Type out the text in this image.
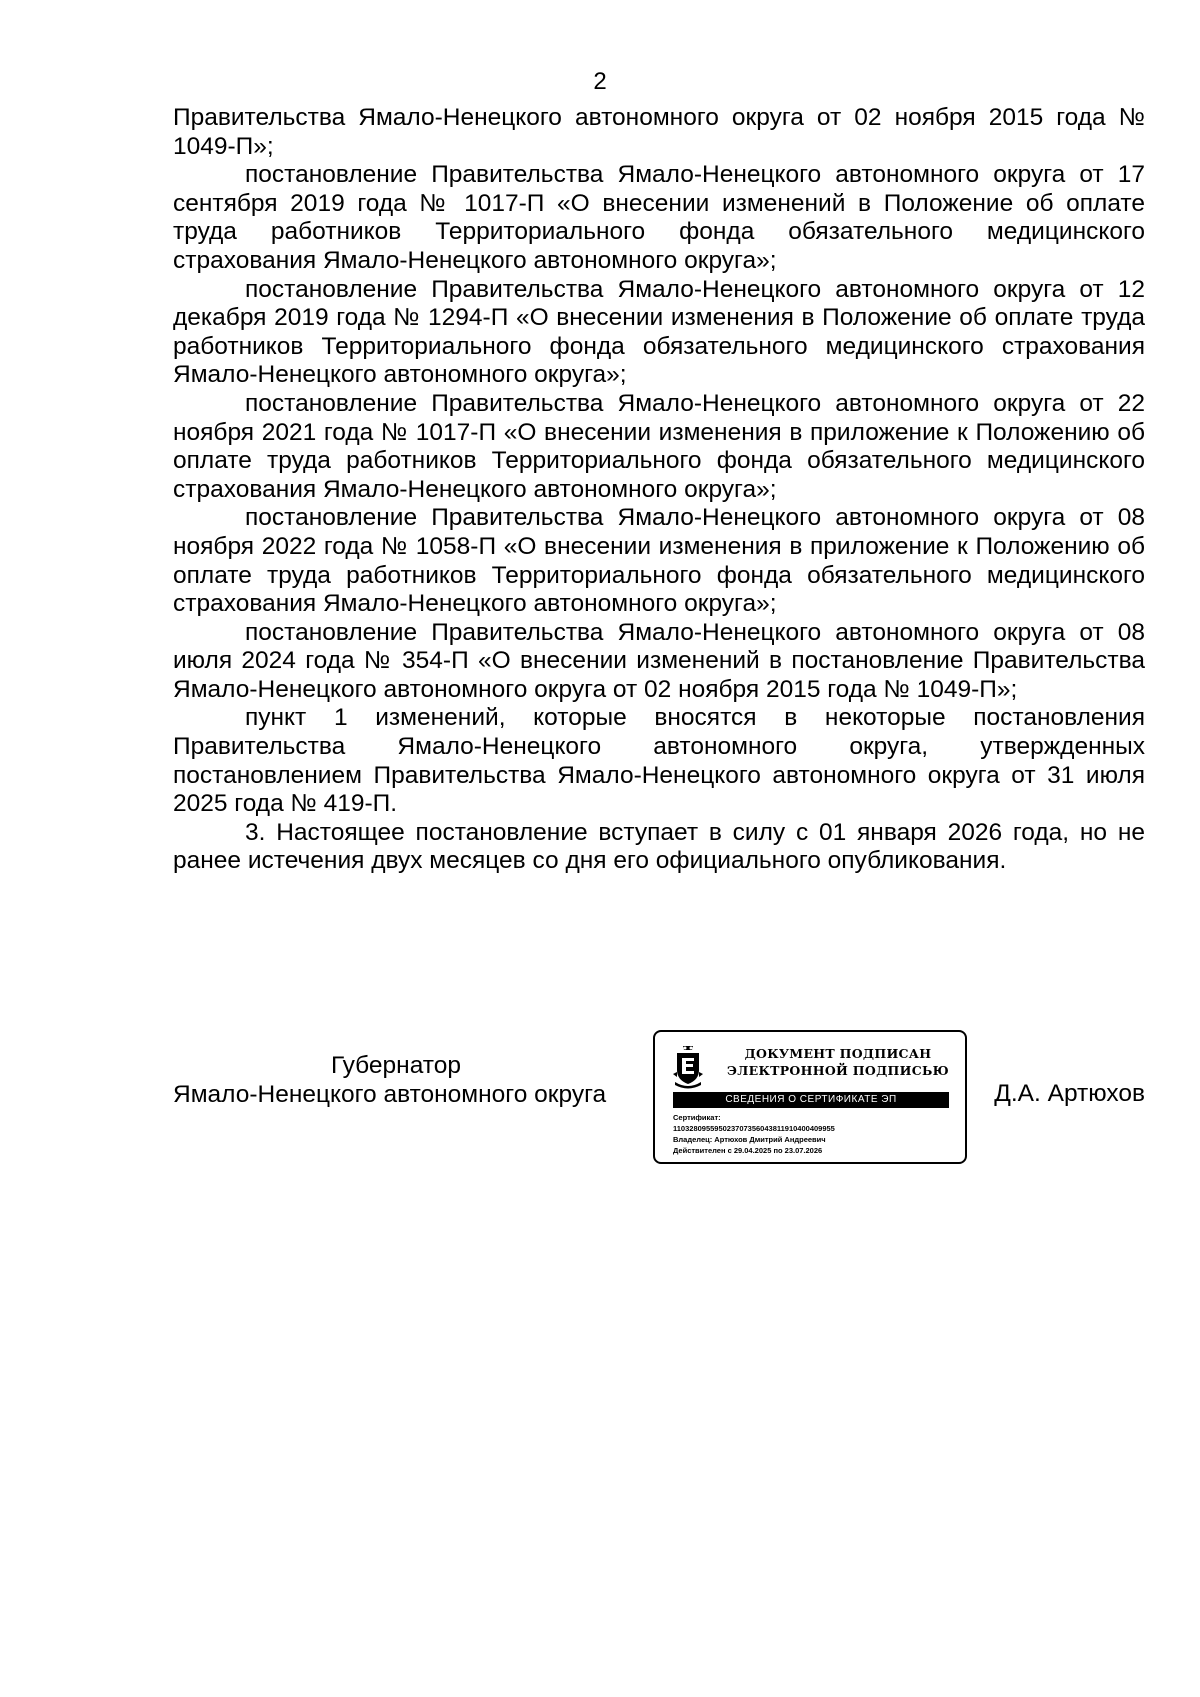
2

Правительства Ямало-Ненецкого автономного округа от 02 ноября 2015 года № 1049-П»;

постановление Правительства Ямало-Ненецкого автономного округа от 17 сентября 2019 года № 1017-П «О внесении изменений в Положение об оплате труда работников Территориального фонда обязательного медицинского страхования Ямало-Ненецкого автономного округа»;

постановление Правительства Ямало-Ненецкого автономного округа от 12 декабря 2019 года № 1294-П «О внесении изменения в Положение об оплате труда работников Территориального фонда обязательного медицинского страхования Ямало-Ненецкого автономного округа»;

постановление Правительства Ямало-Ненецкого автономного округа от 22 ноября 2021 года № 1017-П «О внесении изменения в приложение к Положению об оплате труда работников Территориального фонда обязательного медицинского страхования Ямало-Ненецкого автономного округа»;

постановление Правительства Ямало-Ненецкого автономного округа от 08 ноября 2022 года № 1058-П «О внесении изменения в приложение к Положению об оплате труда работников Территориального фонда обязательного медицинского страхования Ямало-Ненецкого автономного округа»;

постановление Правительства Ямало-Ненецкого автономного округа от 08 июля 2024 года № 354-П «О внесении изменений в постановление Правительства Ямало-Ненецкого автономного округа от 02 ноября 2015 года № 1049-П»;

пункт 1 изменений, которые вносятся в некоторые постановления Правительства Ямало-Ненецкого автономного округа, утвержденных постановлением Правительства Ямало-Ненецкого автономного округа от 31 июля 2025 года № 419-П.

3. Настоящее постановление вступает в силу с 01 января 2026 года, но не ранее истечения двух месяцев со дня его официального опубликования.

Губернатор
Ямало-Ненецкого автономного округа
ДОКУМЕНТ ПОДПИСАН
ЭЛЕКТРОННОЙ ПОДПИСЬЮ
СВЕДЕНИЯ О СЕРТИФИКАТЕ ЭП
Сертификат:
110328095595023707356043811910400409955
Владелец: Артюхов Дмитрий Андреевич
Действителен с 29.04.2025 по 23.07.2026
Д.А. Артюхов
